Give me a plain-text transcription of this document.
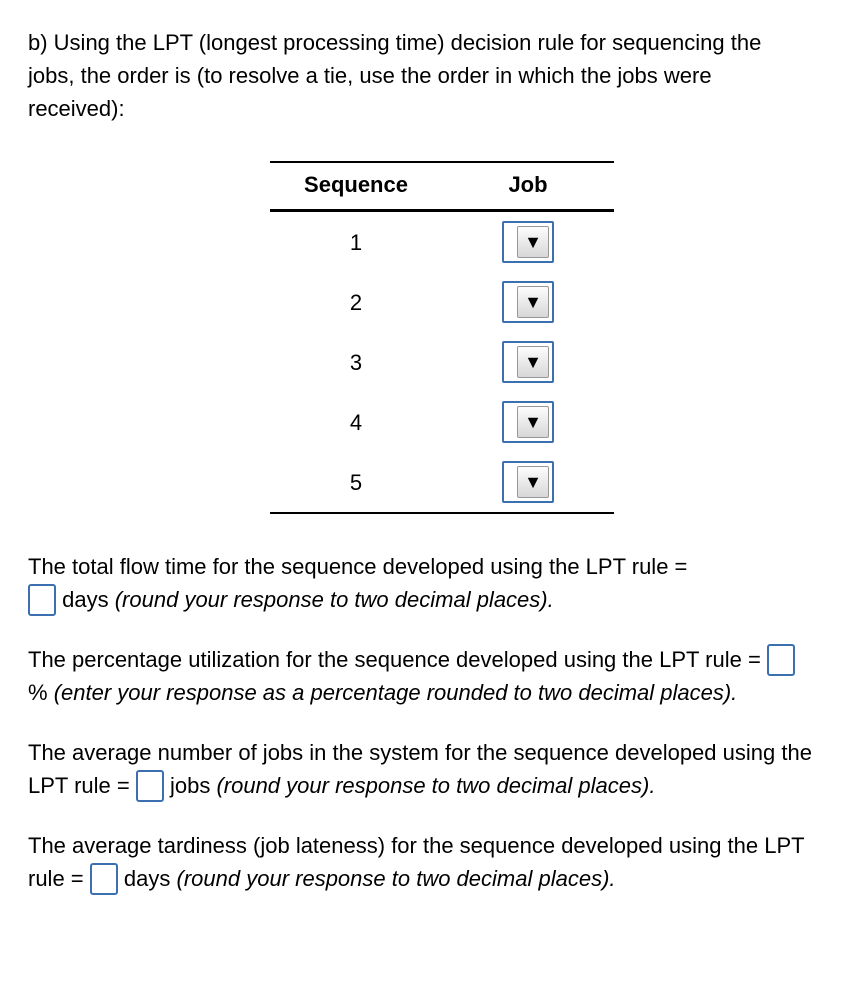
b) Using the LPT (longest processing time) decision rule for sequencing the jobs, the order is (to resolve a tie, use the order in which the jobs were received):

Sequence	Job
1	▼

2	▼

3	▼

4	▼

5	▼

The total flow time for the sequence developed using the LPT rule =
days (round your response to two decimal places).

The percentage utilization for the sequence developed using the LPT rule = % (enter your response as a percentage rounded to two decimal places).

The average number of jobs in the system for the sequence developed using the LPT rule = jobs (round your response to two decimal places).

The average tardiness (job lateness) for the sequence developed using the LPT rule = days (round your response to two decimal places).
